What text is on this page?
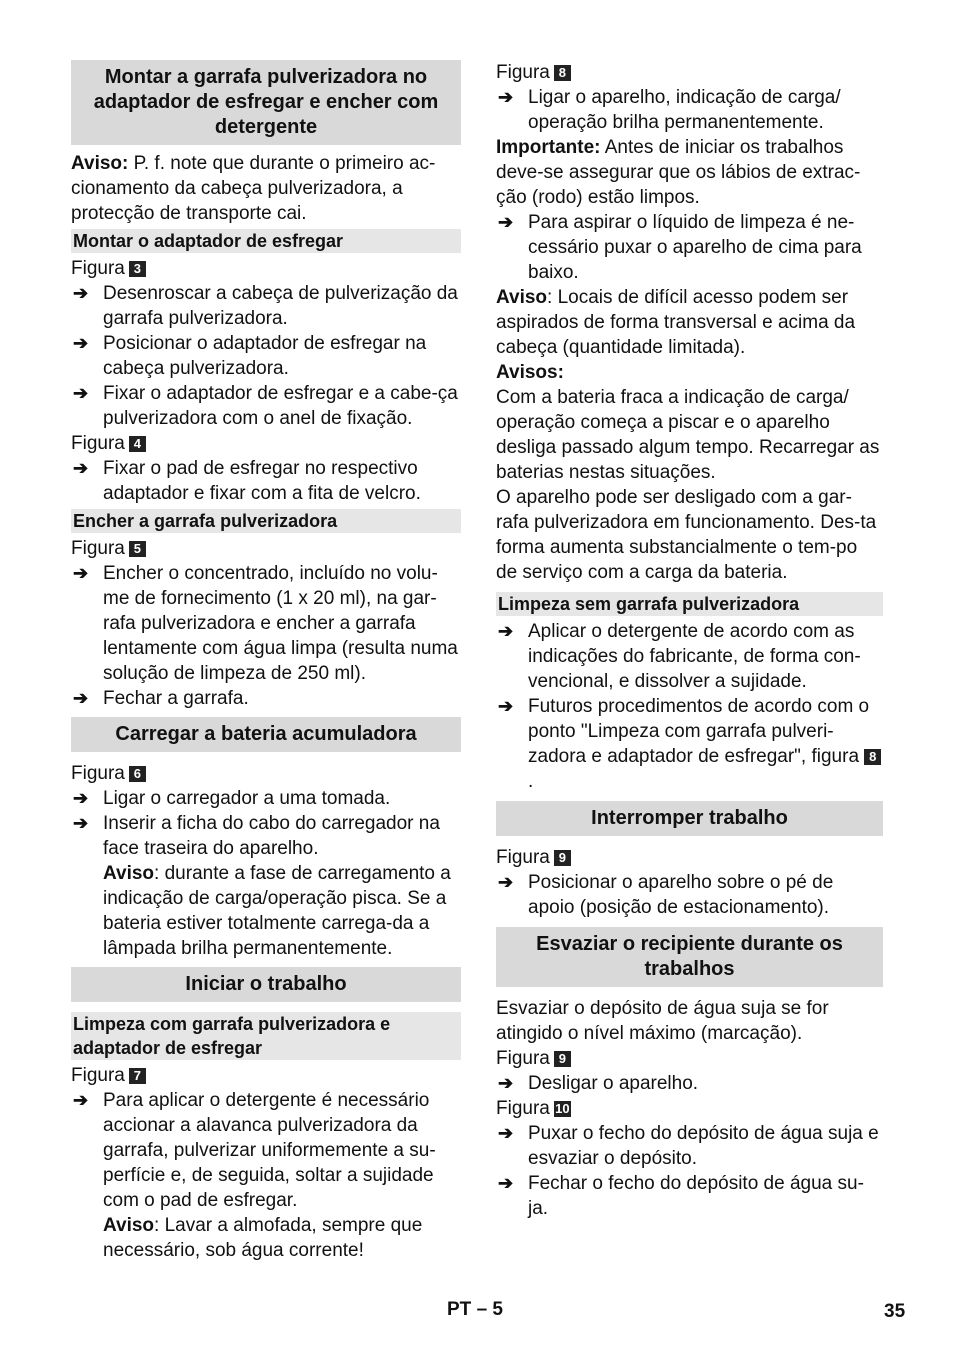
Montar a garrafa pulverizadora no adaptador de esfregar e encher com detergente

Aviso: P. f. note que durante o primeiro ac-cionamento da cabeça pulverizadora, a protecção de transporte cai.

Montar o adaptador de esfregar

Figura 3

➔ Desenroscar a cabeça de pulverização da garrafa pulverizadora.
➔ Posicionar o adaptador de esfregar na cabeça pulverizadora.
➔ Fixar o adaptador de esfregar e a cabe-ça pulverizadora com o anel de fixação.

Figura 4

➔ Fixar o pad de esfregar no respectivo adaptador e fixar com a fita de velcro.
Encher a garrafa pulverizadora

Figura 5

➔ Encher o concentrado, incluído no volu-me de fornecimento (1 x 20 ml), na gar-rafa pulverizadora e encher a garrafa lentamente com água limpa (resulta numa solução de limpeza de 250 ml).
➔ Fechar a garrafa.
Carregar a bateria acumuladora

Figura 6

➔ Ligar o carregador a uma tomada.
➔ Inserir a ficha do cabo do carregador na face traseira do aparelho.

Aviso: durante a fase de carregamento a indicação de carga/operação pisca. Se a bateria estiver totalmente carrega-da a lâmpada brilha permanentemente.

Iniciar o trabalho
Limpeza com garrafa pulverizadora e adaptador de esfregar

Figura 7

➔ Para aplicar o detergente é necessário accionar a alavanca pulverizadora da garrafa, pulverizar uniformemente a su-perfície e, de seguida, soltar a sujidade com o pad de esfregar.

Aviso: Lavar a almofada, sempre que necessário, sob água corrente!

Figura 8

➔ Ligar o aparelho, indicação de carga/ operação brilha permanentemente.

Importante: Antes de iniciar os trabalhos deve-se assegurar que os lábios de extrac-ção (rodo) estão limpos.

➔ Para aspirar o líquido de limpeza é ne-cessário puxar o aparelho de cima para baixo.

Aviso: Locais de difícil acesso podem ser aspirados de forma transversal e acima da cabeça (quantidade limitada).

Avisos:

Com a bateria fraca a indicação de carga/ operação começa a piscar e o aparelho desliga passado algum tempo. Recarregar as baterias nestas situações.

O aparelho pode ser desligado com a gar-rafa pulverizadora em funcionamento. Des-ta forma aumenta substancialmente o tem-po de serviço com a carga da bateria.

Limpeza sem garrafa pulverizadora
➔ Aplicar o detergente de acordo com as indicações do fabricante, de forma con-vencional, e dissolver a sujidade.
➔ Futuros procedimentos de acordo com o ponto "Limpeza com garrafa pulveri-zadora e adaptador de esfregar", figura 8 .
Interromper trabalho

Figura 9

➔ Posicionar o aparelho sobre o pé de apoio (posição de estacionamento).
Esvaziar o recipiente durante os trabalhos

Esvaziar o depósito de água suja se for atingido o nível máximo (marcação).

Figura 9

➔ Desligar o aparelho.

Figura 10

➔ Puxar o fecho do depósito de água suja e esvaziar o depósito.
➔ Fechar o fecho do depósito de água su-ja.
PT – 5	35
